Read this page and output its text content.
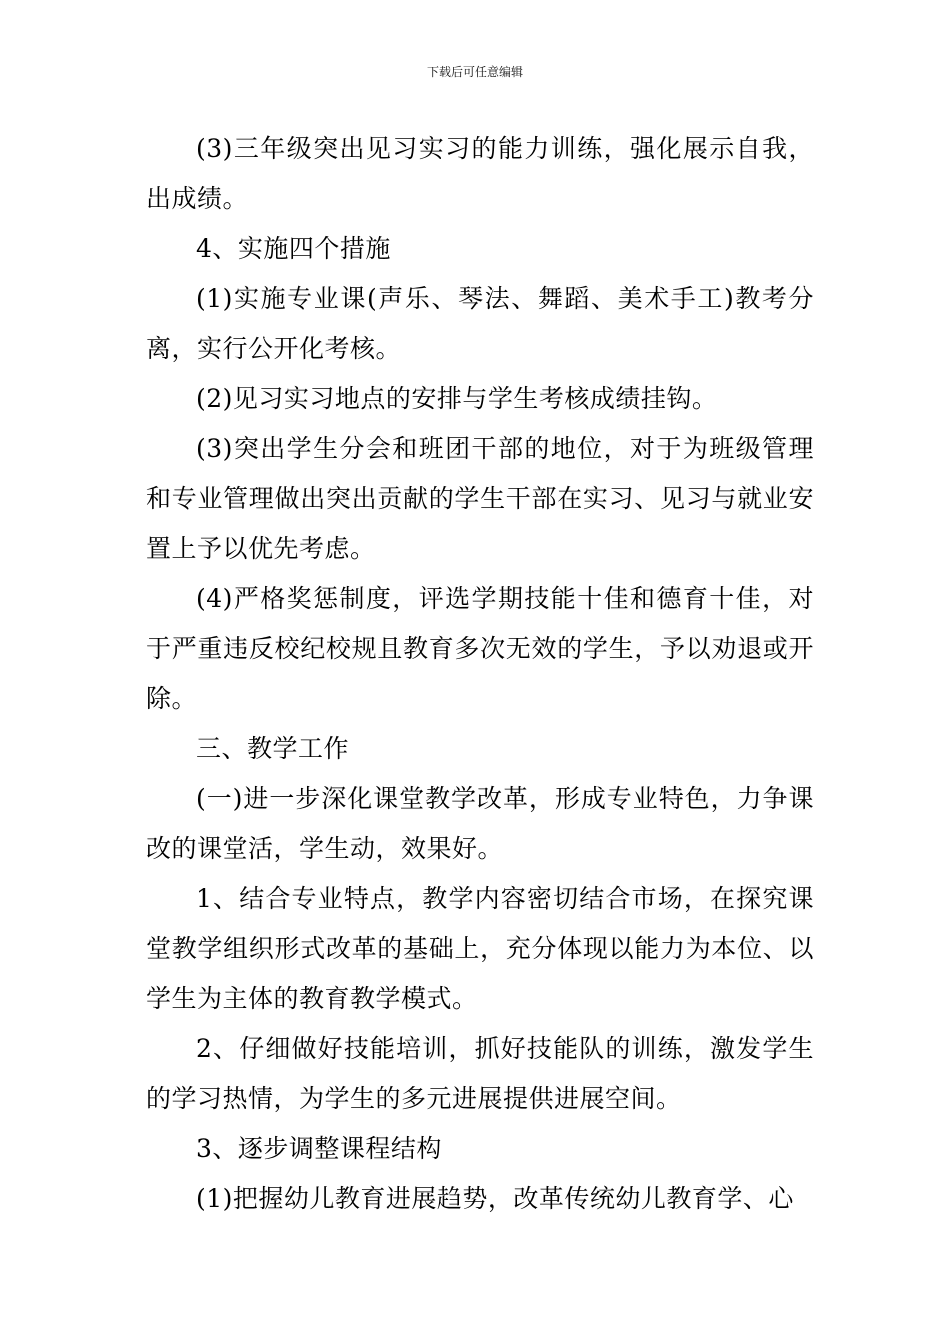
下载后可任意编辑

(3)三年级突出见习实习的能力训练，强化展示自我，出成绩。

4、实施四个措施

(1)实施专业课(声乐、琴法、舞蹈、美术手工)教考分离，实行公开化考核。

(2)见习实习地点的安排与学生考核成绩挂钩。

(3)突出学生分会和班团干部的地位，对于为班级管理和专业管理做出突出贡献的学生干部在实习、见习与就业安置上予以优先考虑。

(4)严格奖惩制度，评选学期技能十佳和德育十佳，对于严重违反校纪校规且教育多次无效的学生，予以劝退或开除。

三、教学工作

(一)进一步深化课堂教学改革，形成专业特色，力争课改的课堂活，学生动，效果好。

1、结合专业特点，教学内容密切结合市场，在探究课堂教学组织形式改革的基础上，充分体现以能力为本位、以学生为主体的教育教学模式。

2、仔细做好技能培训，抓好技能队的训练，激发学生的学习热情，为学生的多元进展提供进展空间。

3、逐步调整课程结构

(1)把握幼儿教育进展趋势，改革传统幼儿教育学、心
